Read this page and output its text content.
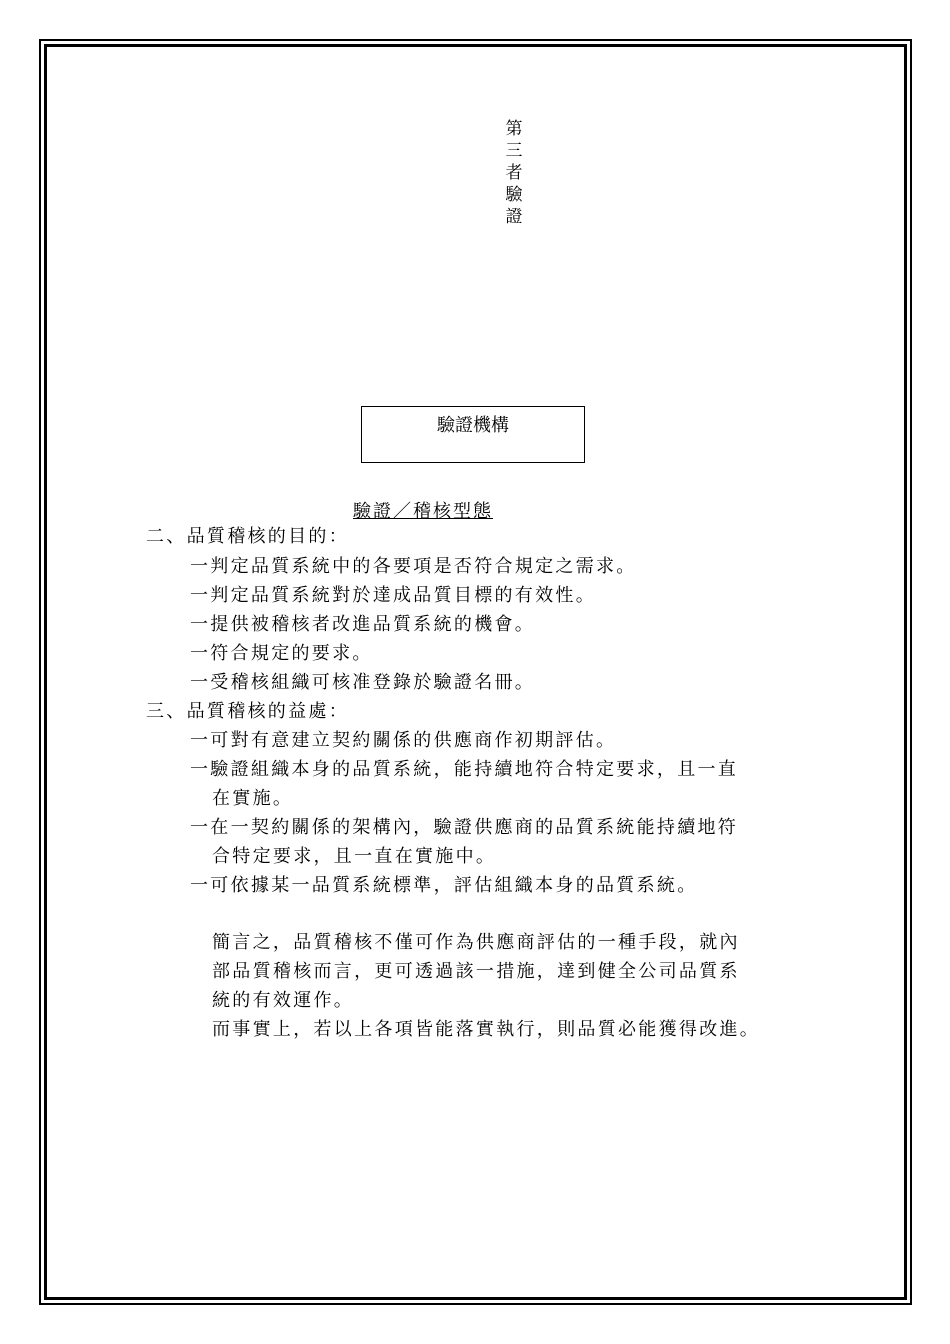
第三者驗證
驗證機構
驗證／稽核型態
二、品質稽核的目的：
一判定品質系統中的各要項是否符合規定之需求。
一判定品質系統對於達成品質目標的有效性。
一提供被稽核者改進品質系統的機會。
一符合規定的要求。
一受稽核組織可核准登錄於驗證名冊。
三、品質稽核的益處：
一可對有意建立契約關係的供應商作初期評估。
一驗證組織本身的品質系統，能持續地符合特定要求，且一直
在實施。
一在一契約關係的架構內，驗證供應商的品質系統能持續地符
合特定要求，且一直在實施中。
一可依據某一品質系統標準，評估組織本身的品質系統。
簡言之，品質稽核不僅可作為供應商評估的一種手段，就內
部品質稽核而言，更可透過該一措施，達到健全公司品質系
統的有效運作。
而事實上，若以上各項皆能落實執行，則品質必能獲得改進。
